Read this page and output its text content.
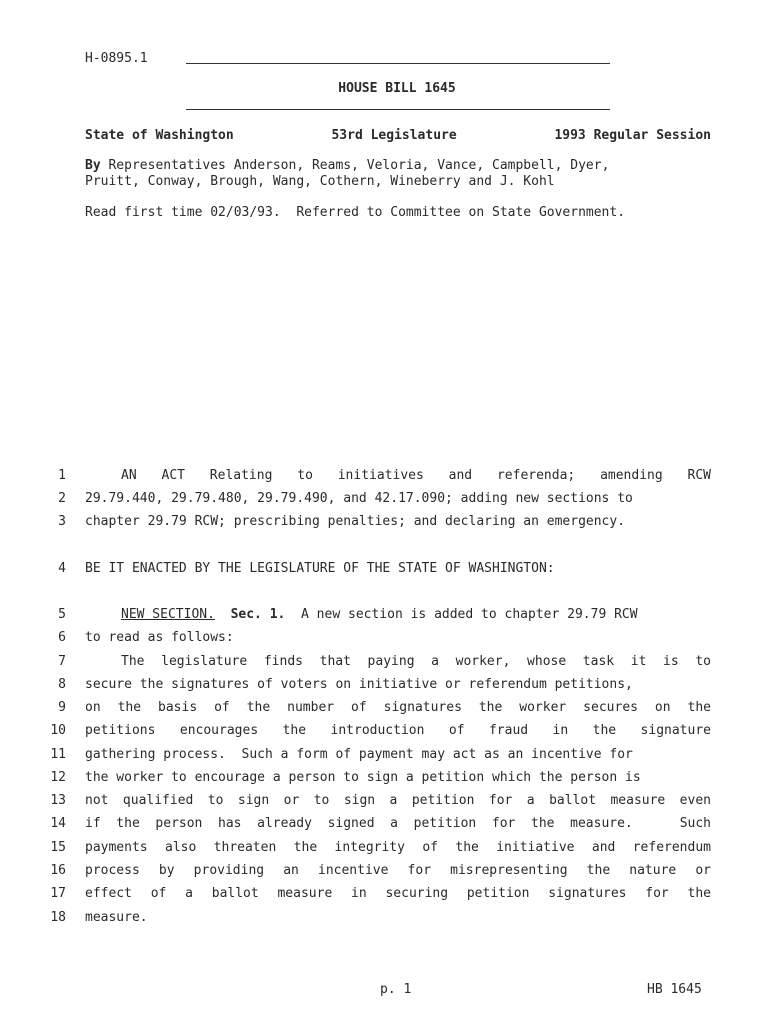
H-0895.1
HOUSE BILL 1645
State of Washington	53rd Legislature	1993 Regular Session
By Representatives Anderson, Reams, Veloria, Vance, Campbell, Dyer,
Pruitt, Conway, Brough, Wang, Cothern, Wineberry and J. Kohl
Read first time 02/03/93.  Referred to Committee on State Government.
1	AN  ACT  Relating  to  initiatives  and  referenda;  amending  RCW
2 29.79.440, 29.79.480, 29.79.490, and 42.17.090; adding new sections to
3 chapter 29.79 RCW; prescribing penalties; and declaring an emergency.
4 BE IT ENACTED BY THE LEGISLATURE OF THE STATE OF WASHINGTON:
5	NEW SECTION. Sec. 1.  A new section is added to chapter 29.79 RCW
6 to read as follows:
7	The legislature finds that paying a worker, whose task it is to
8 secure the signatures of voters on initiative or referendum petitions,
9 on the basis of the number of signatures the worker secures on the
10 petitions encourages the introduction of fraud in the signature
11 gathering process.  Such a form of payment may act as an incentive for
12 the worker to encourage a person to sign a petition which the person is
13 not qualified to sign or to sign a petition for a ballot measure even
14 if the person has already signed a petition for the measure.   Such
15 payments also threaten the integrity of the initiative and referendum
16 process by providing an incentive for misrepresenting the nature or
17 effect of a ballot measure in securing petition signatures for the
18 measure.
p. 1	HB 1645
